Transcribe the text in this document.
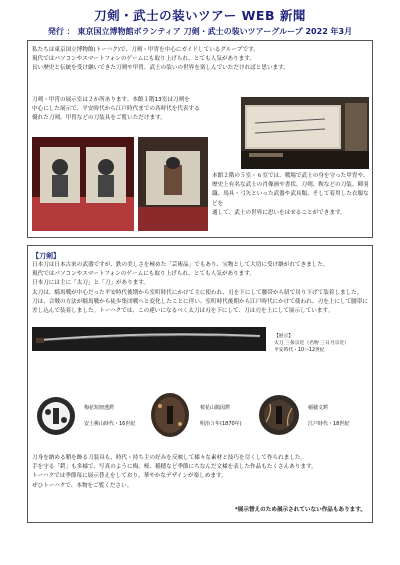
刀剣・武士の装いツアー WEB 新聞
発行 ： 東京国立博物館ボランティア 刀剣・武士の装いツアーグループ 2022 年3月

私たちは東京国立博物館(トーハク)で、刀剣・甲冑を中心にガイドしているグループです。
現代ではパソコンやスマートフォンのゲームにも取り上げられ、とても人気があります。
長い歴史と伝統を受け継いできた刀剣や甲冑、武士の装いの世界を楽しんでいただければと思います。

刀剣・甲冑の展示室は２か所あります。本館１階13室は刀剣を
中心にした展示で、平安時代から江戸時代までの各時代を代表する
優れた刀剣、甲冑などの刀装具をご覧いただけます。

本館２階の５室・６室では、戦場で武士の身を守った甲冑や、
歴史上有名な武士の肖像画や書状、刀剣、鞍などの刀装、陣羽
織、馬具・弓矢といった武器や武具類、そして着用した衣服などを
通して、武士の世界に思いをはせることができます。

【刀剣】

日本刀は日本古来の武器ですが、鉄の美しさを極めた「芸術品」でもあり、宝物として大切に受け継がれてきました。
現代ではパソコンやスマートフォンのゲームにも取り上げられ、とても人気があります。
日本刀には主に「太刀」と「刀」があります。
太刀は、騎馬戦が中心だった平安時代後期から室町時代にかけて主に使われ、刃を下にして腰帯から紐で吊り下げて装着しました。
刀は、合戦の方法が騎馬戦から徒歩集団戦へと変化したことに伴い、室町時代後期から江戸時代にかけて使われ、刃を上にして腰帯に差し込んで装着しました。トーハクでは、この違いになるべく太刀は刃を下にして、刀は刃を上にして展示しています。

【展示】
太刀 三条宗近（名物 三日月宗近）
平安時代・10～12世紀

梅花短冊透鍔
安土桃山時代・16世紀
桜花山鵲図鍔
明治３年(1870年)
稲穂文鍔
江戸時代・18世紀

刀身を納める鞘を飾る刀装具も、時代・持ち主の好みを反映して様々な素材と技巧を尽くして作られました。
手を守る「鍔」も多様で、写真のように梅、桜、稲穂など季節にちなんだ文様を表した作品もたくさんあります。
トーハクでは季節毎に展示替えをしており、華やかなデザインが楽しめます。
ぜひトーハクで、本物をご覧ください。

*展示替えのため展示されていない作品もあります。
